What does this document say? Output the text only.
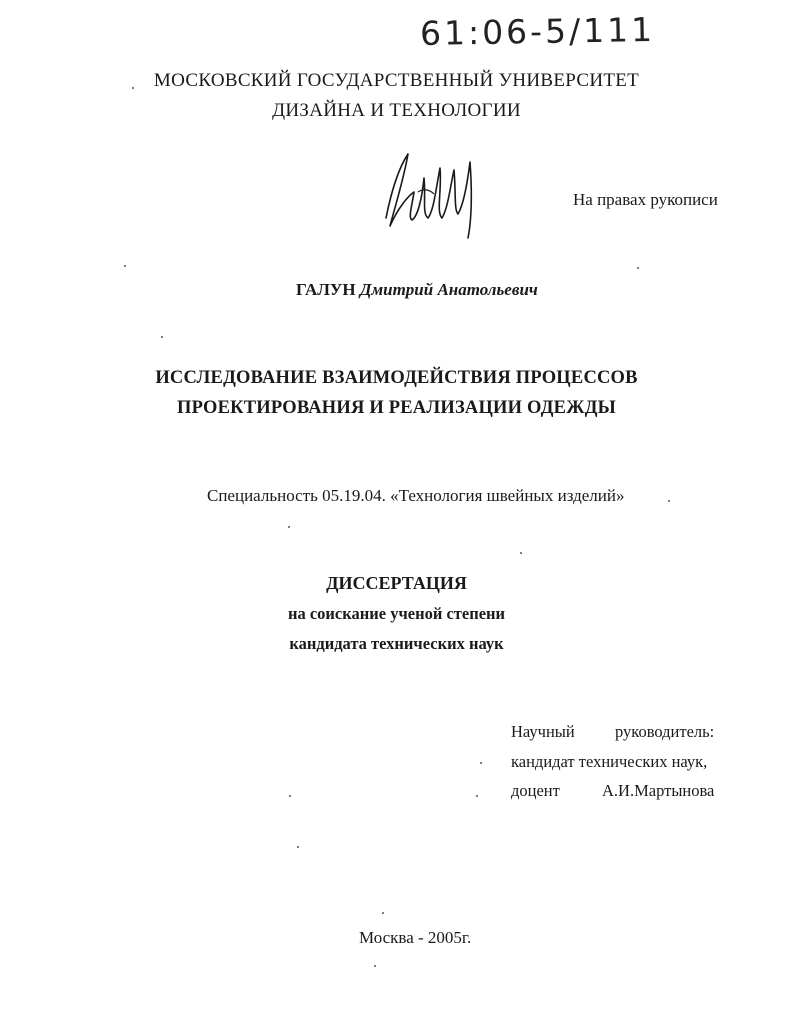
61:06-5/111
МОСКОВСКИЙ ГОСУДАРСТВЕННЫЙ УНИВЕРСИТЕТ
ДИЗАЙНА И ТЕХНОЛОГИИ
На правах рукописи
ГАЛУН Дмитрий Анатольевич
ИССЛЕДОВАНИЕ ВЗАИМОДЕЙСТВИЯ ПРОЦЕССОВ
ПРОЕКТИРОВАНИЯ И РЕАЛИЗАЦИИ ОДЕЖДЫ
Специальность 05.19.04. «Технология швейных изделий»
ДИССЕРТАЦИЯ
на соискание ученой степени
кандидата технических наук
Научный руководитель:
кандидат технических наук,
доцент	А.И.Мартынова
Москва - 2005г.
